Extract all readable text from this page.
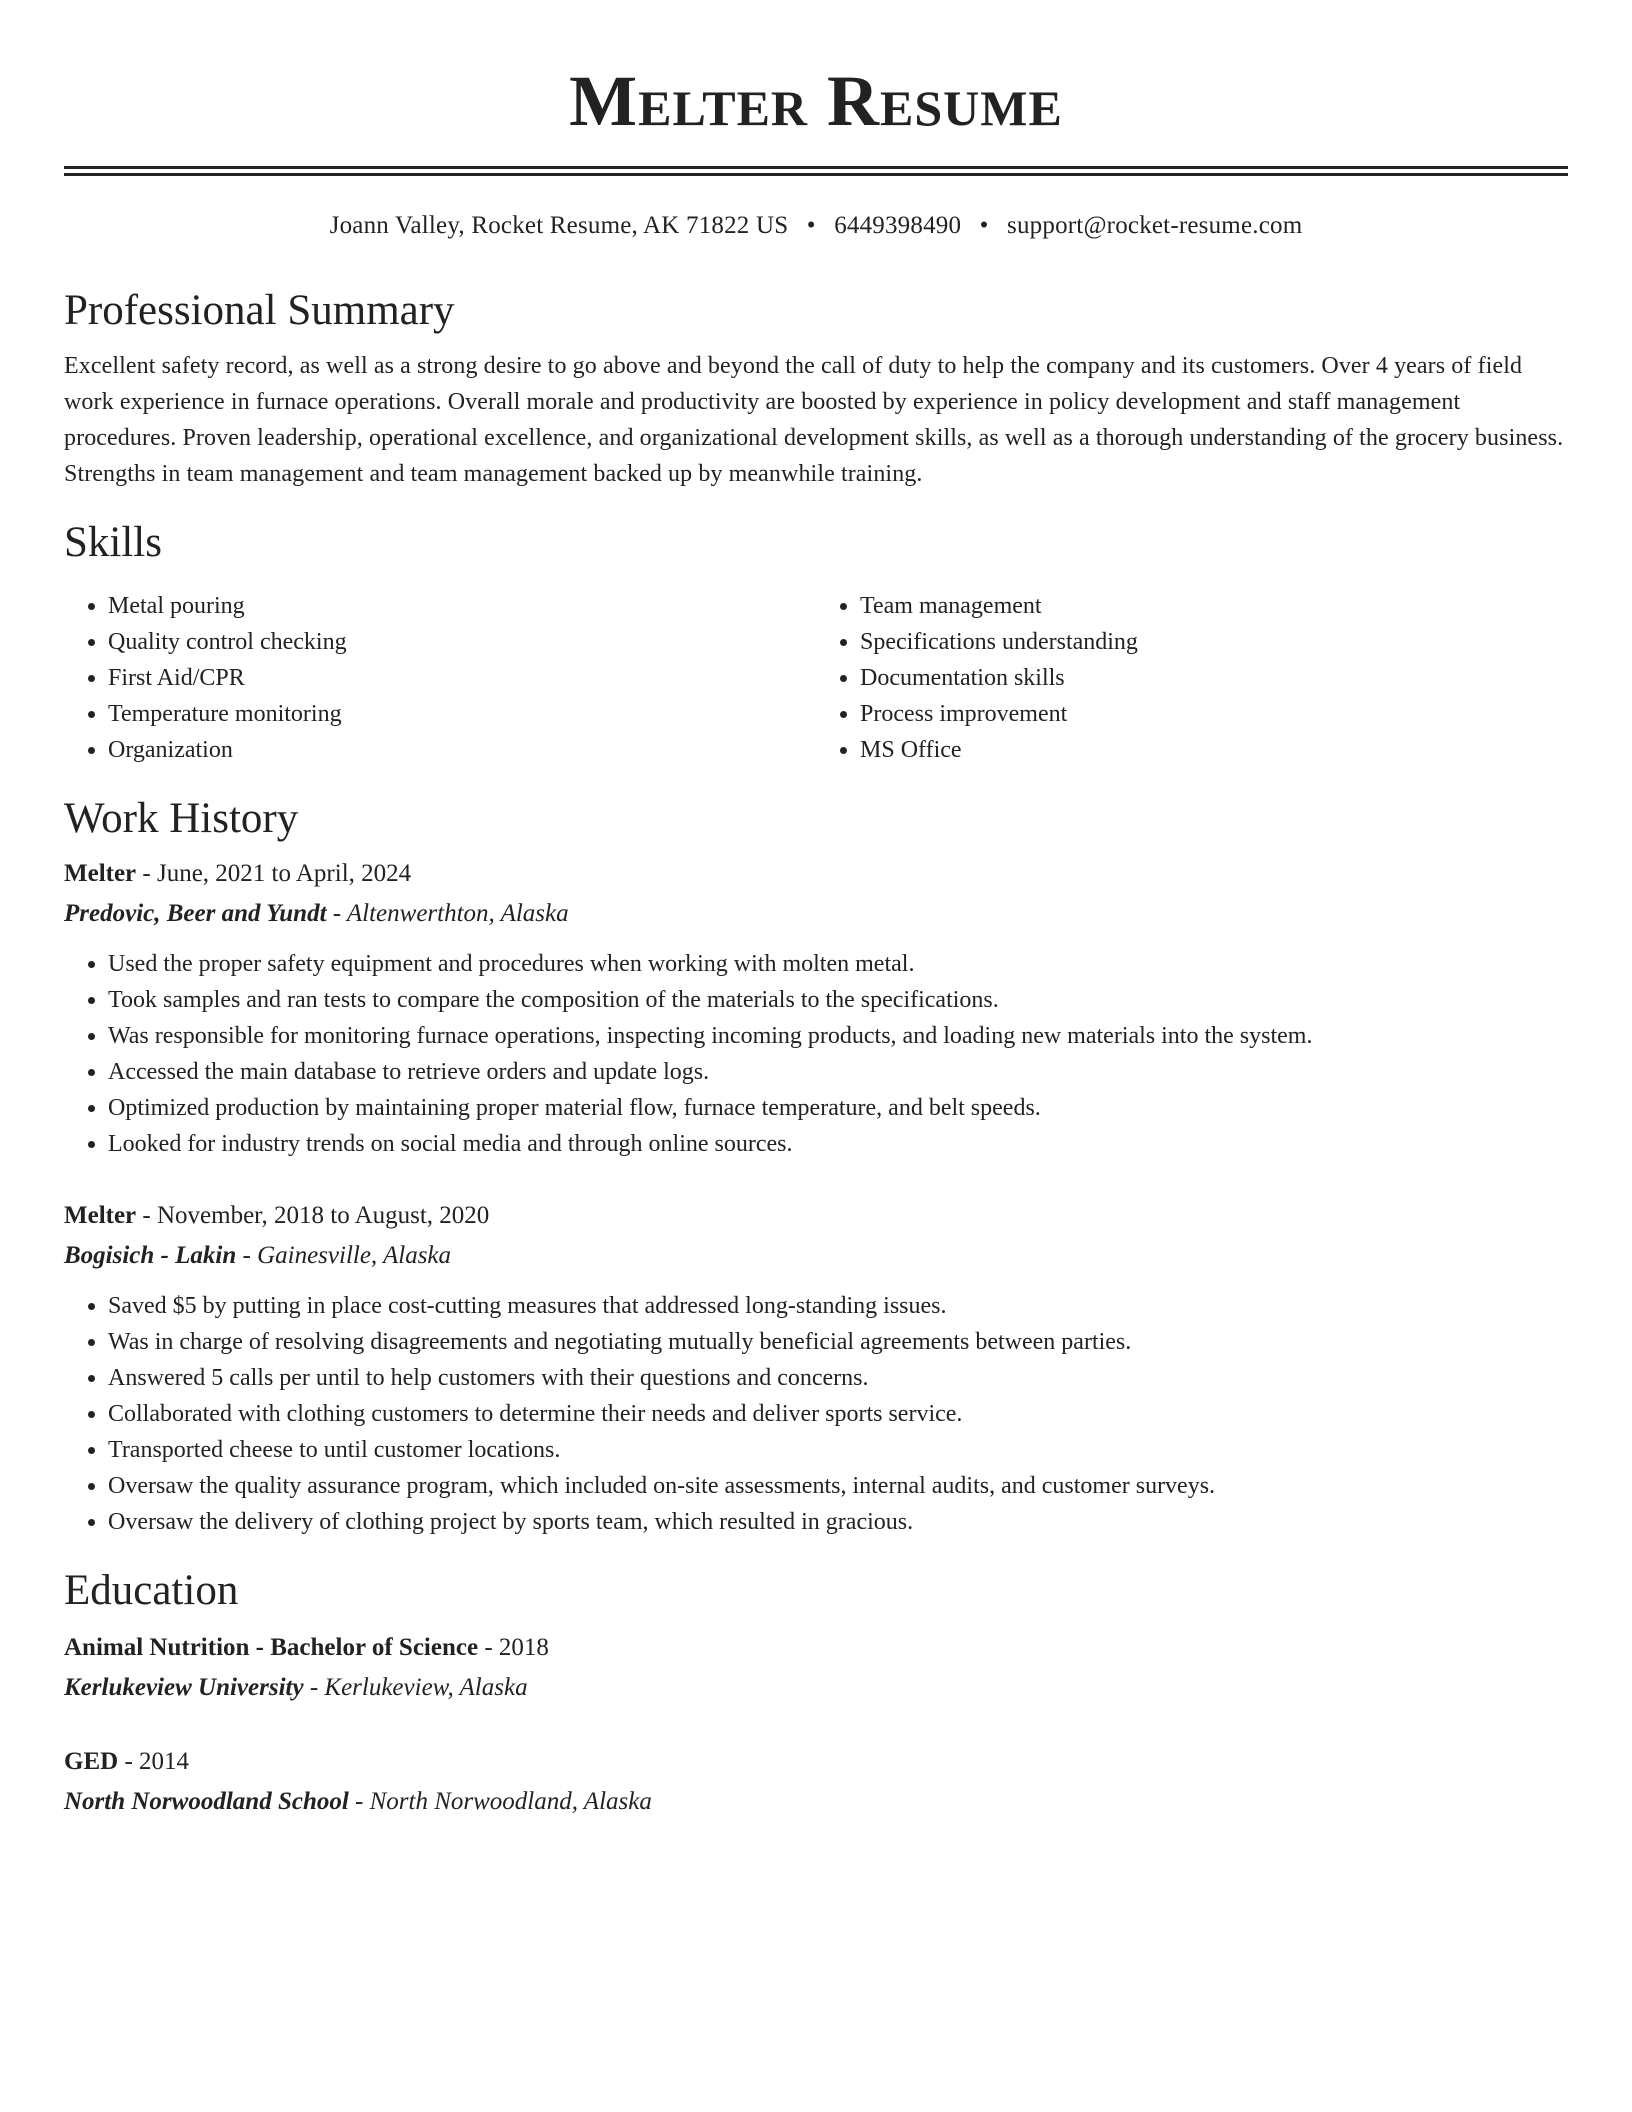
Melter Resume
Joann Valley, Rocket Resume, AK 71822 US • 6449398490 • support@rocket-resume.com
Professional Summary

Excellent safety record, as well as a strong desire to go above and beyond the call of duty to help the company and its customers. Over 4 years of field work experience in furnace operations. Overall morale and productivity are boosted by experience in policy development and staff management procedures. Proven leadership, operational excellence, and organizational development skills, as well as a thorough understanding of the grocery business. Strengths in team management and team management backed up by meanwhile training.

Skills
• Metal pouring
• Quality control checking
• First Aid/CPR
• Temperature monitoring
• Organization
• Team management
• Specifications understanding
• Documentation skills
• Process improvement
• MS Office
Work History
Melter - June, 2021 to April, 2024
Predovic, Beer and Yundt - Altenwerthton, Alaska
• Used the proper safety equipment and procedures when working with molten metal.
• Took samples and ran tests to compare the composition of the materials to the specifications.
• Was responsible for monitoring furnace operations, inspecting incoming products, and loading new materials into the system.
• Accessed the main database to retrieve orders and update logs.
• Optimized production by maintaining proper material flow, furnace temperature, and belt speeds.
• Looked for industry trends on social media and through online sources.
Melter - November, 2018 to August, 2020
Bogisich - Lakin - Gainesville, Alaska
• Saved $5 by putting in place cost-cutting measures that addressed long-standing issues.
• Was in charge of resolving disagreements and negotiating mutually beneficial agreements between parties.
• Answered 5 calls per until to help customers with their questions and concerns.
• Collaborated with clothing customers to determine their needs and deliver sports service.
• Transported cheese to until customer locations.
• Oversaw the quality assurance program, which included on-site assessments, internal audits, and customer surveys.
• Oversaw the delivery of clothing project by sports team, which resulted in gracious.
Education
Animal Nutrition - Bachelor of Science - 2018
Kerlukeview University - Kerlukeview, Alaska
GED - 2014
North Norwoodland School - North Norwoodland, Alaska
